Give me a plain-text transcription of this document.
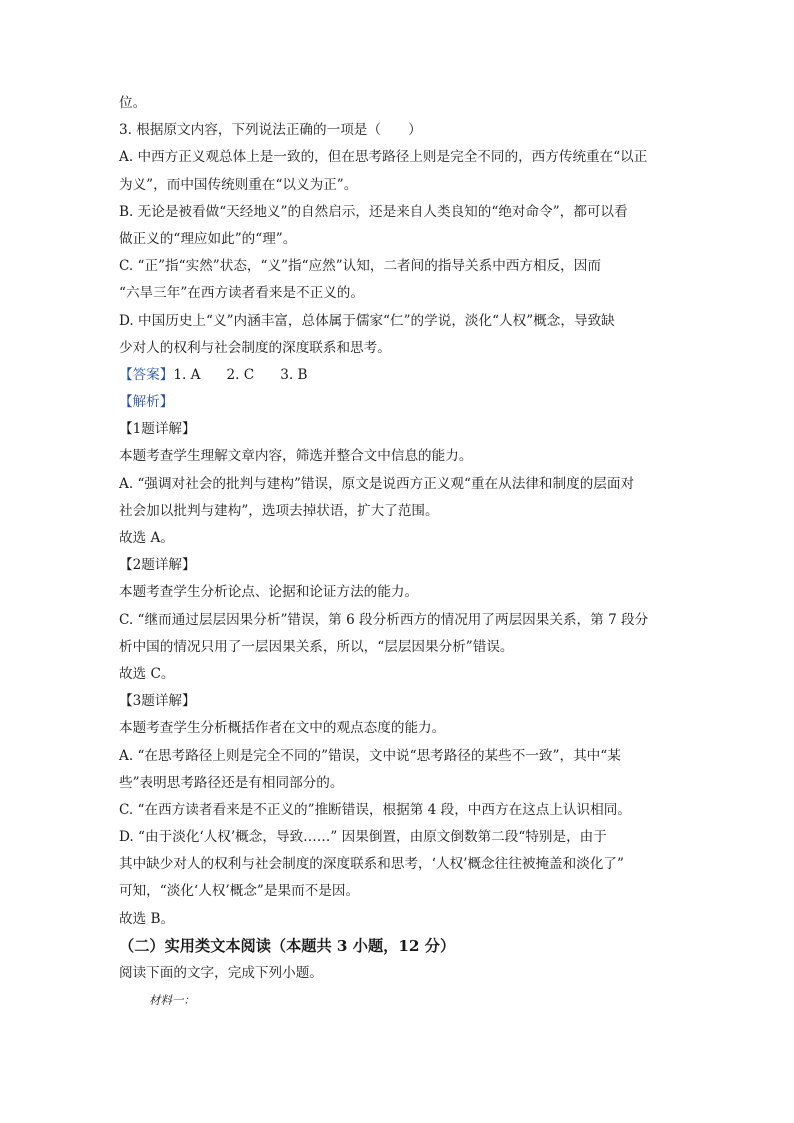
位。
3. 根据原文内容，下列说法正确的一项是（　　）
A. 中西方正义观总体上是一致的，但在思考路径上则是完全不同的，西方传统重在“以正
为义”，而中国传统则重在“以义为正”。
B. 无论是被看做“天经地义”的自然启示，还是来自人类良知的“绝对命令”，都可以看
做正义的“理应如此”的“理”。
C. “正”指“实然”状态，“义”指“应然”认知，二者间的指导关系中西方相反，因而
“六旱三年”在西方读者看来是不正义的。
D. 中国历史上“义”内涵丰富，总体属于儒家“仁”的学说，淡化“人权”概念，导致缺
少对人的权利与社会制度的深度联系和思考。
【答案】1. A 2. C 3. B
【解析】
【1题详解】
本题考查学生理解文章内容，筛选并整合文中信息的能力。
A. “强调对社会的批判与建构”错误，原文是说西方正义观“重在从法律和制度的层面对
社会加以批判与建构”，选项去掉状语，扩大了范围。
故选 A。
【2题详解】
本题考查学生分析论点、论据和论证方法的能力。
C. “继而通过层层因果分析”错误，第 6 段分析西方的情况用了两层因果关系，第 7 段分
析中国的情况只用了一层因果关系，所以，“层层因果分析”错误。
故选 C。
【3题详解】
本题考查学生分析概括作者在文中的观点态度的能力。
A. “在思考路径上则是完全不同的”错误，文中说“思考路径的某些不一致”，其中“某
些”表明思考路径还是有相同部分的。
C. “在西方读者看来是不正义的”推断错误，根据第 4 段，中西方在这点上认识相同。
D. “由于淡化‘人权’概念，导致……” 因果倒置，由原文倒数第二段“特别是，由于
其中缺少对人的权利与社会制度的深度联系和思考，‘人权’概念往往被掩盖和淡化了”
可知，“淡化‘人权’概念”是果而不是因。
故选 B。
（二）实用类文本阅读（本题共 3 小题，12 分）
阅读下面的文字，完成下列小题。
材料一：
